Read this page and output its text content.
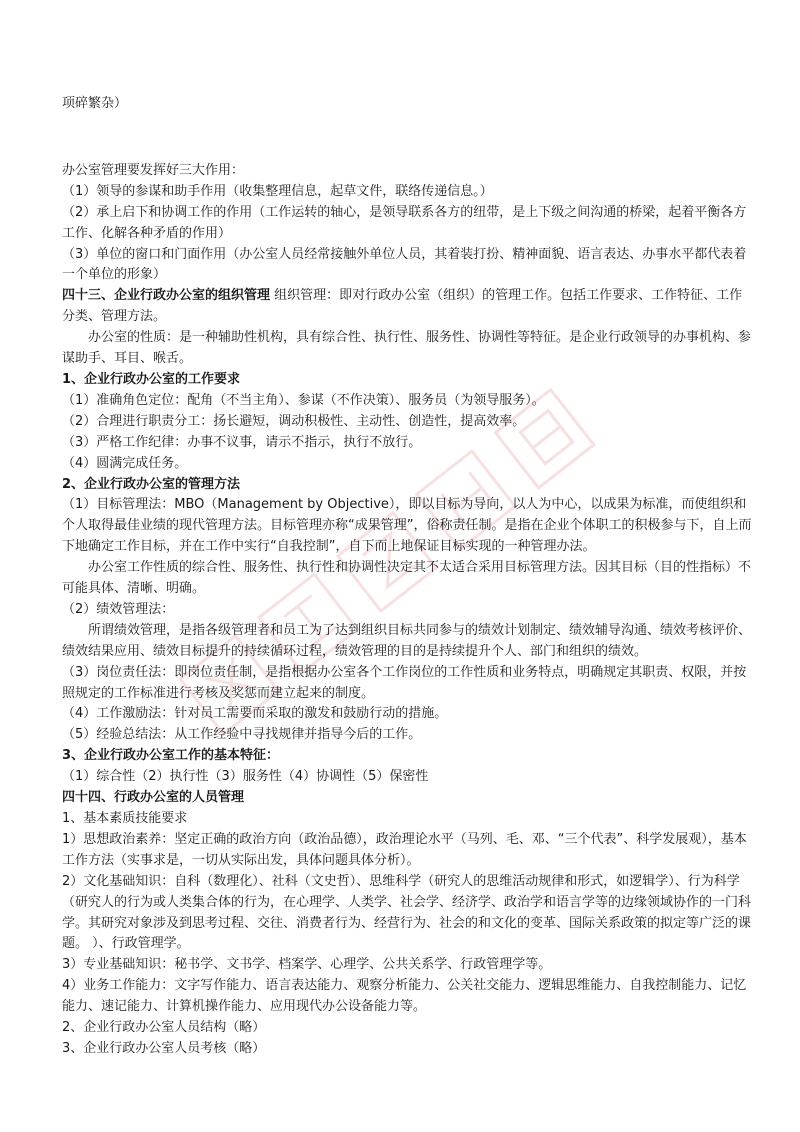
项碎繁杂）

办公室管理要发挥好三大作用：

（1）领导的参谋和助手作用（收集整理信息，起草文件，联络传递信息。）

（2）承上启下和协调工作的作用（工作运转的轴心，是领导联系各方的纽带，是上下级之间沟通的桥梁，起着平衡各方工作、化解各种矛盾的作用）

（3）单位的窗口和门面作用（办公室人员经常接触外单位人员，其着装打扮、精神面貌、语言表达、办事水平都代表着一个单位的形象）

四十三、企业行政办公室的组织管理 组织管理：即对行政办公室（组织）的管理工作。包括工作要求、工作特征、工作分类、管理方法。

办公室的性质：是一种辅助性机构，具有综合性、执行性、服务性、协调性等特征。是企业行政领导的办事机构、参谋助手、耳目、喉舌。

1、企业行政办公室的工作要求

（1）准确角色定位：配角（不当主角）、参谋（不作决策）、服务员（为领导服务）。

（2）合理进行职责分工：扬长避短，调动积极性、主动性、创造性，提高效率。

（3）严格工作纪律：办事不议事，请示不指示，执行不放行。

（4）圆满完成任务。

2、企业行政办公室的管理方法

（1）目标管理法：MBO（Management by Objective），即以目标为导向，以人为中心，以成果为标准，而使组织和个人取得最佳业绩的现代管理方法。目标管理亦称“成果管理”，俗称责任制。是指在企业个体职工的积极参与下，自上而下地确定工作目标，并在工作中实行“自我控制”，自下而上地保证目标实现的一种管理办法。

办公室工作性质的综合性、服务性、执行性和协调性决定其不太适合采用目标管理方法。因其目标（目的性指标）不可能具体、清晰、明确。

（2）绩效管理法：

所谓绩效管理，是指各级管理者和员工为了达到组织目标共同参与的绩效计划制定、绩效辅导沟通、绩效考核评价、绩效结果应用、绩效目标提升的持续循环过程，绩效管理的目的是持续提升个人、部门和组织的绩效。

（3）岗位责任法：即岗位责任制，是指根据办公室各个工作岗位的工作性质和业务特点，明确规定其职责、权限，并按照规定的工作标准进行考核及奖惩而建立起来的制度。

（4）工作激励法：针对员工需要而采取的激发和鼓励行动的措施。

（5）经验总结法：从工作经验中寻找规律并指导今后的工作。

3、企业行政办公室工作的基本特征：

（1）综合性（2）执行性（3）服务性（4）协调性（5）保密性

四十四、行政办公室的人员管理

1、基本素质技能要求

1）思想政治素养：坚定正确的政治方向（政治品德），政治理论水平（马列、毛、邓、“三个代表”、科学发展观），基本工作方法（实事求是，一切从实际出发，具体问题具体分析）。

2）文化基础知识：自科（数理化）、社科（文史哲）、思维科学（研究人的思维活动规律和形式，如逻辑学）、行为科学（研究人的行为或人类集合体的行为，在心理学、人类学、社会学、经济学、政治学和语言学等的边缘领域协作的一门科学。其研究对象涉及到思考过程、交往、消费者行为、经营行为、社会的和文化的变革、国际关系政策的拟定等广泛的课题。 ）、行政管理学。

3）专业基础知识：秘书学、文书学、档案学、心理学、公共关系学、行政管理学等。

4）业务工作能力：文字写作能力、语言表达能力、观察分析能力、公关社交能力、逻辑思维能力、自我控制能力、记忆能力、速记能力、计算机操作能力、应用现代办公设备能力等。

2、企业行政办公室人员结构（略）

3、企业行政办公室人员考核（略）
